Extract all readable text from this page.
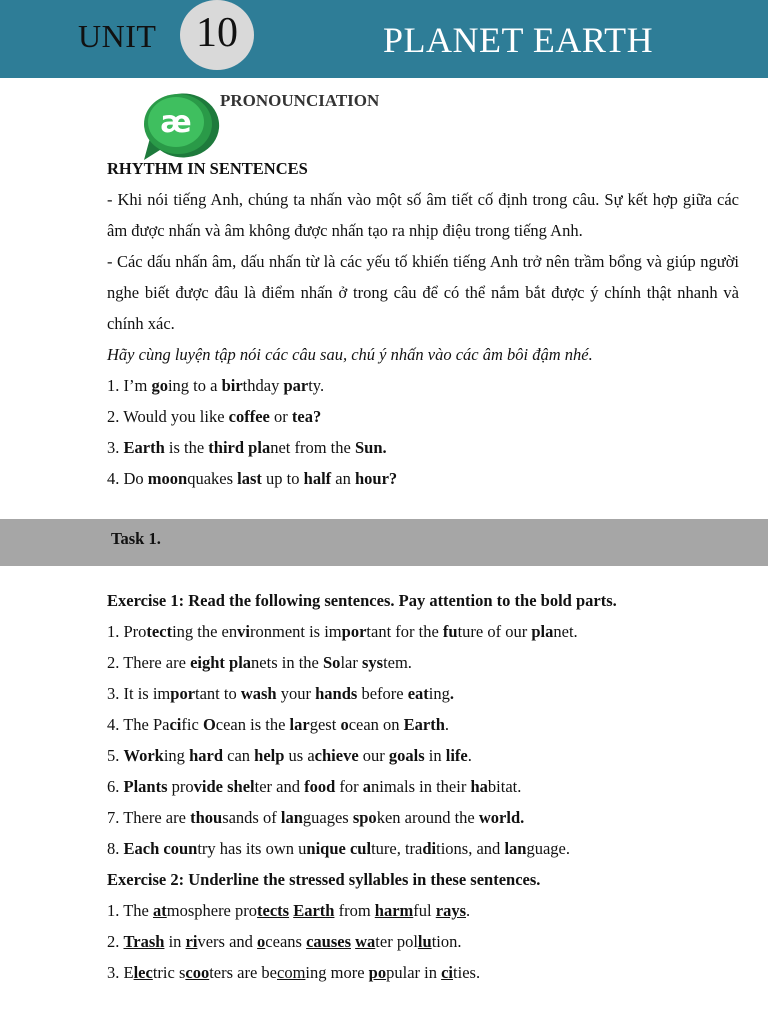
UNIT 10	PLANET EARTH
æ
PRONOUNCIATION
RHYTHM IN SENTENCES
- Khi nói tiếng Anh, chúng ta nhấn vào một số âm tiết cố định trong câu. Sự kết hợp giữa các âm được nhấn và âm không được nhấn tạo ra nhịp điệu trong tiếng Anh.
- Các dấu nhấn âm, dấu nhấn từ là các yếu tố khiến tiếng Anh trở nên trầm bổng và giúp người nghe biết được đâu là điểm nhấn ở trong câu để có thể nắm bắt được ý chính thật nhanh và chính xác.
Hãy cùng luyện tập nói các câu sau, chú ý nhấn vào các âm bôi đậm nhé.
1. I’m going to a birthday party.
2. Would you like coffee or tea?
3. Earth is the third planet from the Sun.
4. Do moonquakes last up to half an hour?
Task 1.
Exercise 1: Read the following sentences. Pay attention to the bold parts.
1. Protecting the environment is important for the future of our planet.
2. There are eight planets in the Solar system.
3. It is important to wash your hands before eating.
4. The Pacific Ocean is the largest ocean on Earth.
5. Working hard can help us achieve our goals in life.
6. Plants provide shelter and food for animals in their habitat.
7. There are thousands of languages spoken around the world.
8. Each country has its own unique culture, traditions, and language.
Exercise 2: Underline the stressed syllables in these sentences.
1. The atmosphere protects Earth from harmful rays.
2. Trash in rivers and oceans causes water pollution.
3. Electric scooters are becoming more popular in cities.
